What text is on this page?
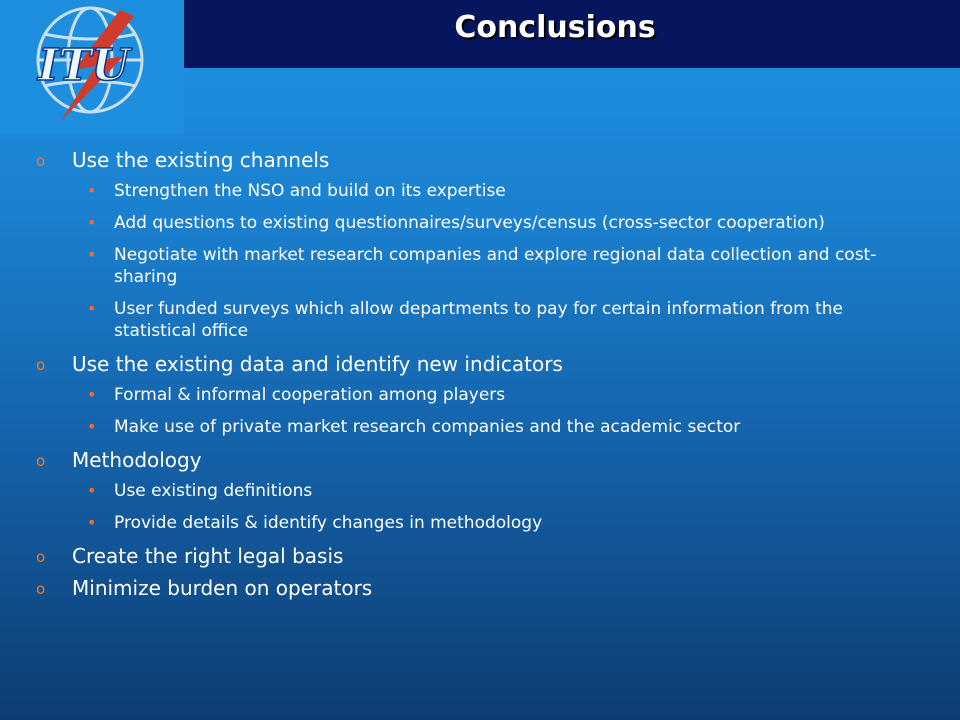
Conclusions
ITU
o Use the existing channels
• Strengthen the NSO and build on its expertise
• Add questions to existing questionnaires/surveys/census (cross-sector cooperation)
• Negotiate with market research companies and explore regional data collection and cost-sharing
• User funded surveys which allow departments to pay for certain information from the statistical office
o Use the existing data and identify new indicators
• Formal & informal cooperation among players
• Make use of private market research companies and the academic sector
o Methodology
• Use existing definitions
• Provide details & identify changes in methodology
o Create the right legal basis
o Minimize burden on operators
